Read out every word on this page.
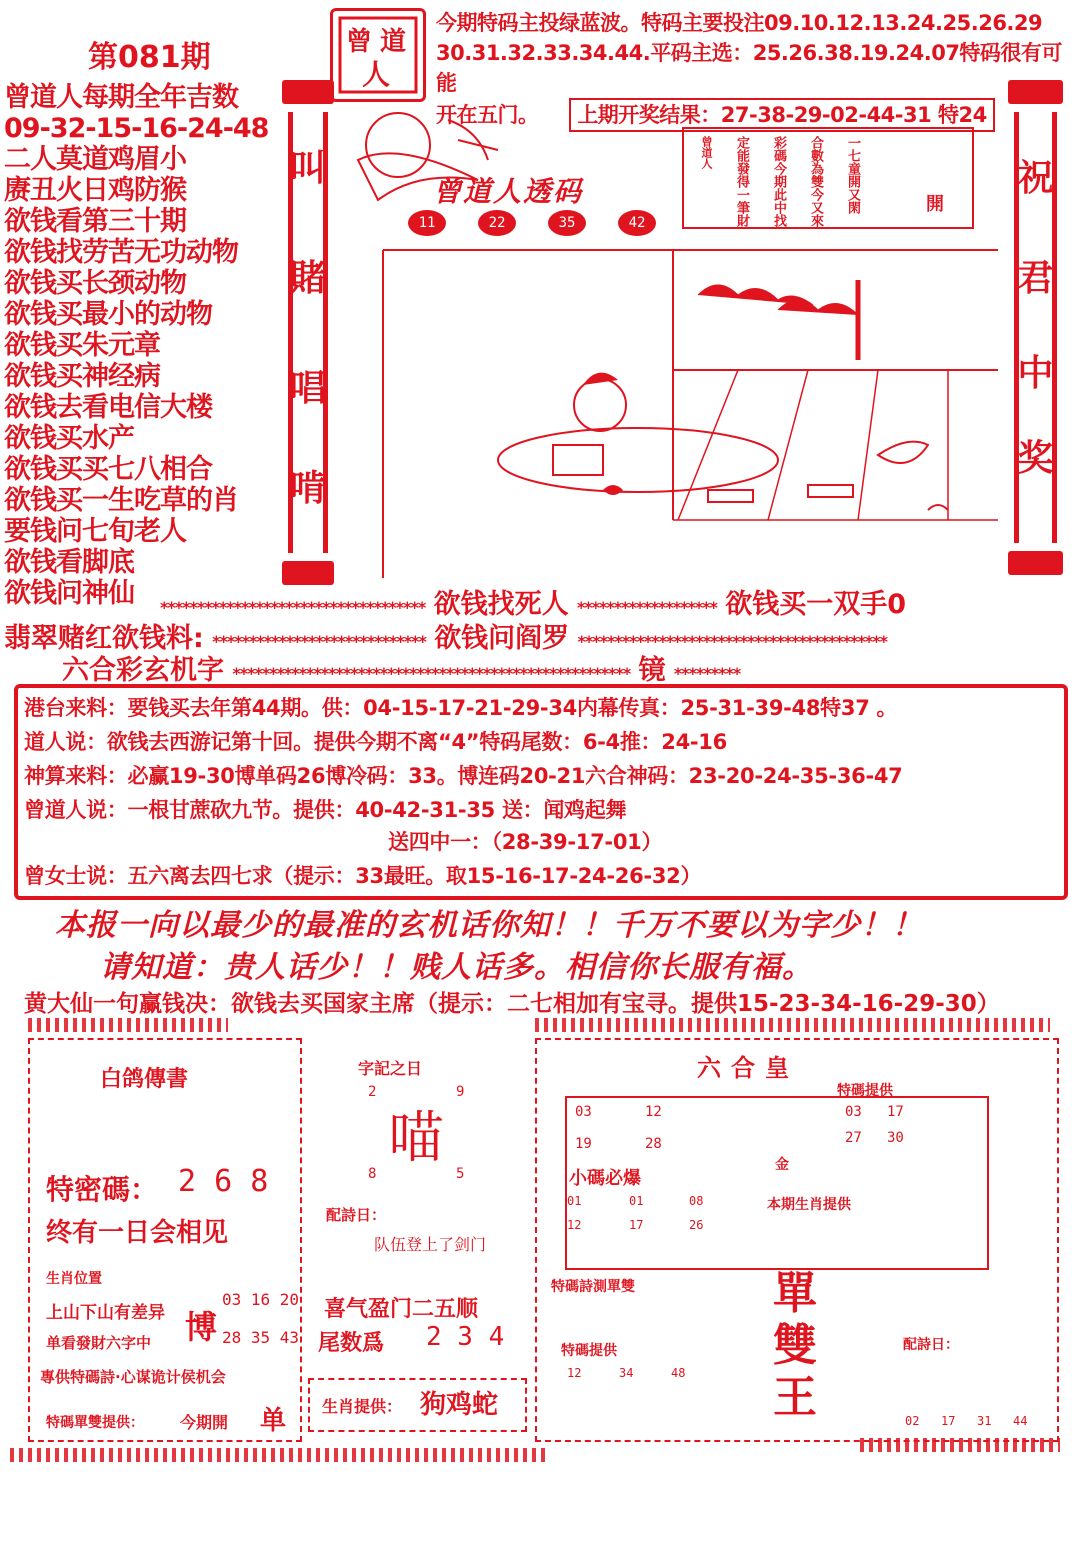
第081期	曾 道
人
今期特码主投绿蓝波。特码主要投注09.10.12.13.24.25.26.29
30.31.32.33.34.44.平码主选：25.26.38.19.24.07特码很有可能
开在五门。 上期开奖结果：27-38-29-02-44-31 特24
曾道人每期全年吉数
09-32-15-16-24-48
二人莫道鸡眉小
赓丑火日鸡防猴
欲钱看第三十期
欲钱找劳苦无功动物
欲钱买长颈动物
欲钱买最小的动物
欲钱买朱元章
欲钱买神经病
欲钱去看电信大楼
欲钱买水产
欲钱买买七八相合
欲钱买一生吃草的肖
要钱问七旬老人
欲钱看脚底
欲钱问神仙
叫
賭
唱
啃
祝
君
中
奖
曾道人透码
11	22	35	42
一七童開又閑
合數為雙今又來
彩碼今期此中找
定能發得一筆財
曾道人
開
************************************ 欲钱找死人 ******************* 欲钱买一双手0
翡翠赌红欲钱料: ***************************** 欲钱问阎罗 ******************************************
六合彩玄机字 ****************************************************** 镜 *********
港台来料：要钱买去年第44期。供：04-15-17-21-29-34内幕传真：25-31-39-48特37 。
道人说：欲钱去西游记第十回。提供今期不离“4”特码尾数：6-4推：24-16
神算来料：必赢19-30博单码26博冷码：33。博连码20-21六合神码：23-20-24-35-36-47
曾道人说：一根甘蔗砍九节。提供：40-42-31-35 送：闻鸡起舞
送四中一：（28-39-17-01）
曾女士说：五六离去四七求（提示：33最旺。取15-16-17-24-26-32）
本报一向以最少的最准的玄机话你知！！千万不要以为字少！！
请知道：贵人话少！！贱人话多。相信你长服有福。
黄大仙一句赢钱决：欲钱去买国家主席（提示：二七相加有宝寻。提供15-23-34-16-29-30）
白鸽傳書
特密碼： 2 6 8
终有一日会相见
生肖位置
上山下山有差异
03 16 20
博
单看發財六字中	28 35 43
專供特碼詩·心谋诡计侯机会
特碼單雙提供： 今期開 单
字記之日
2	9
喵
8	5
配詩日：
队伍登上了剑门
喜气盈门二五顺
尾数爲 2 3 4
生肖提供： 狗鸡蛇
六合皇
03	12
19	28
特碼提供
03 17
27 30
金
小碼必爆
01	01	08
12	17	26
本期生肖提供
特碼詩測單雙
特碼提供
12	34	48
單
雙
王
配詩日：
02 17 31 44
